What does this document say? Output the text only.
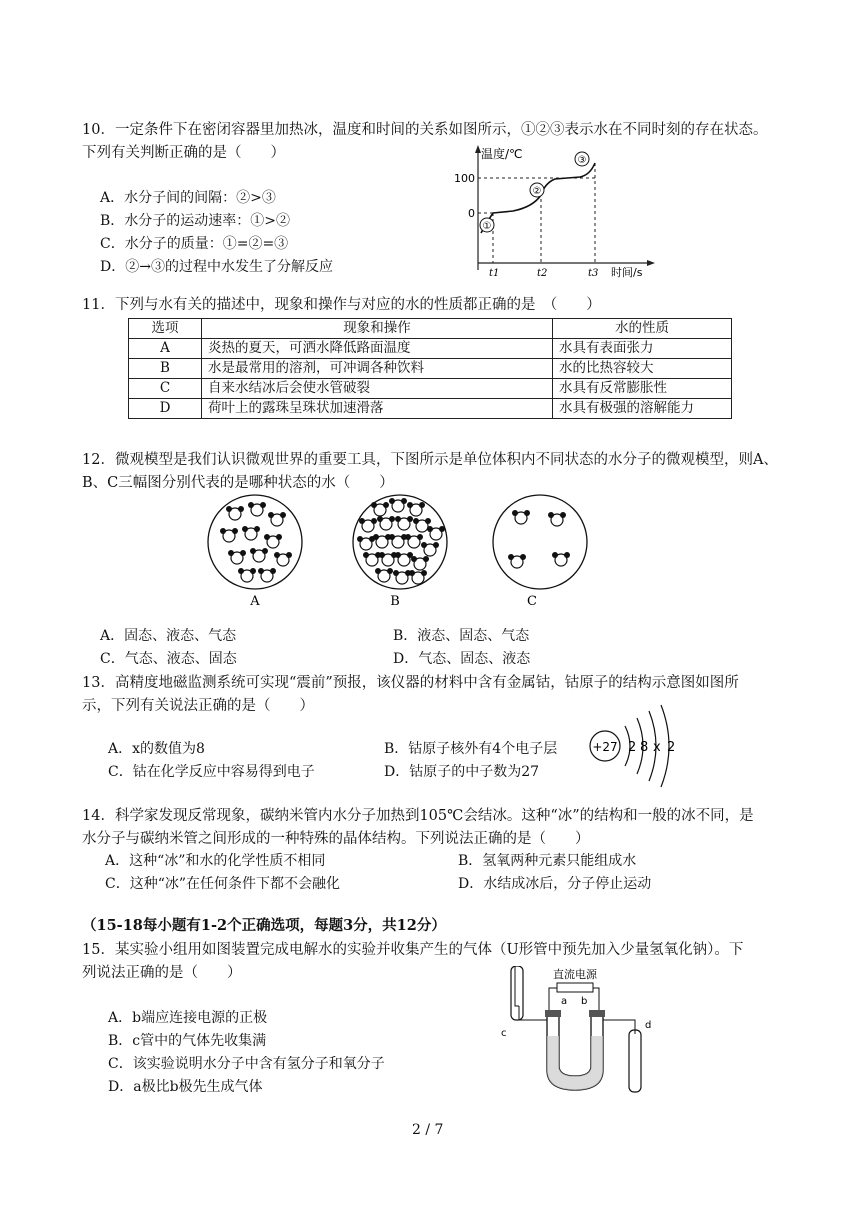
10．一定条件下在密闭容器里加热冰，温度和时间的关系如图所示，①②③表示水在不同时刻的存在状态。
下列有关判断正确的是（　　）
A．水分子间的间隔：②>③
B．水分子的运动速率：①>②
C．水分子的质量：①=②=③
D．②→③的过程中水发生了分解反应
①
②
③
温度/℃
100
0
t1	t2	t3 时间/s
11．下列与水有关的描述中，现象和操作与对应的水的性质都正确的是　（　　）
选项	现象和操作	水的性质
A	炎热的夏天，可洒水降低路面温度	水具有表面张力
B	水是最常用的溶剂，可冲调各种饮料	水的比热容较大
C	自来水结冰后会使水管破裂	水具有反常膨胀性
D	荷叶上的露珠呈珠状加速滑落	水具有极强的溶解能力
12．微观模型是我们认识微观世界的重要工具，下图所示是单位体积内不同状态的水分子的微观模型，则A、
B、C三幅图分别代表的是哪种状态的水（　　）
A	B	C
A．固态、液态、气态	B．液态、固态、气态
C．气态、液态、固态	D．气态、固态、液态
13．高精度地磁监测系统可实现“震前”预报，该仪器的材料中含有金属钴，钴原子的结构示意图如图所
示，下列有关说法正确的是（　　）
A．x的数值为8	B．钴原子核外有4个电子层
C．钴在化学反应中容易得到电子	D．钴原子的中子数为27
+27 2 8 x 2
14．科学家发现反常现象，碳纳米管内水分子加热到105℃会结冰。这种“冰”的结构和一般的冰不同，是
水分子与碳纳米管之间形成的一种特殊的晶体结构。下列说法正确的是（　　）
A．这种“冰”和水的化学性质不相同	B．氢氧两种元素只能组成水
C．这种“冰”在任何条件下都不会融化	D．水结成冰后，分子停止运动
（15-18每小题有1-2个正确选项，每题3分，共12分）
15．某实验小组用如图装置完成电解水的实验并收集产生的气体（U形管中预先加入少量氢氧化钠）。下
列说法正确的是（　　）
A．b端应连接电源的正极
B．c管中的气体先收集满
C．该实验说明水分子中含有氢分子和氧分子
D．a极比b极先生成气体
直流电源
a b
c
d
2 / 7
